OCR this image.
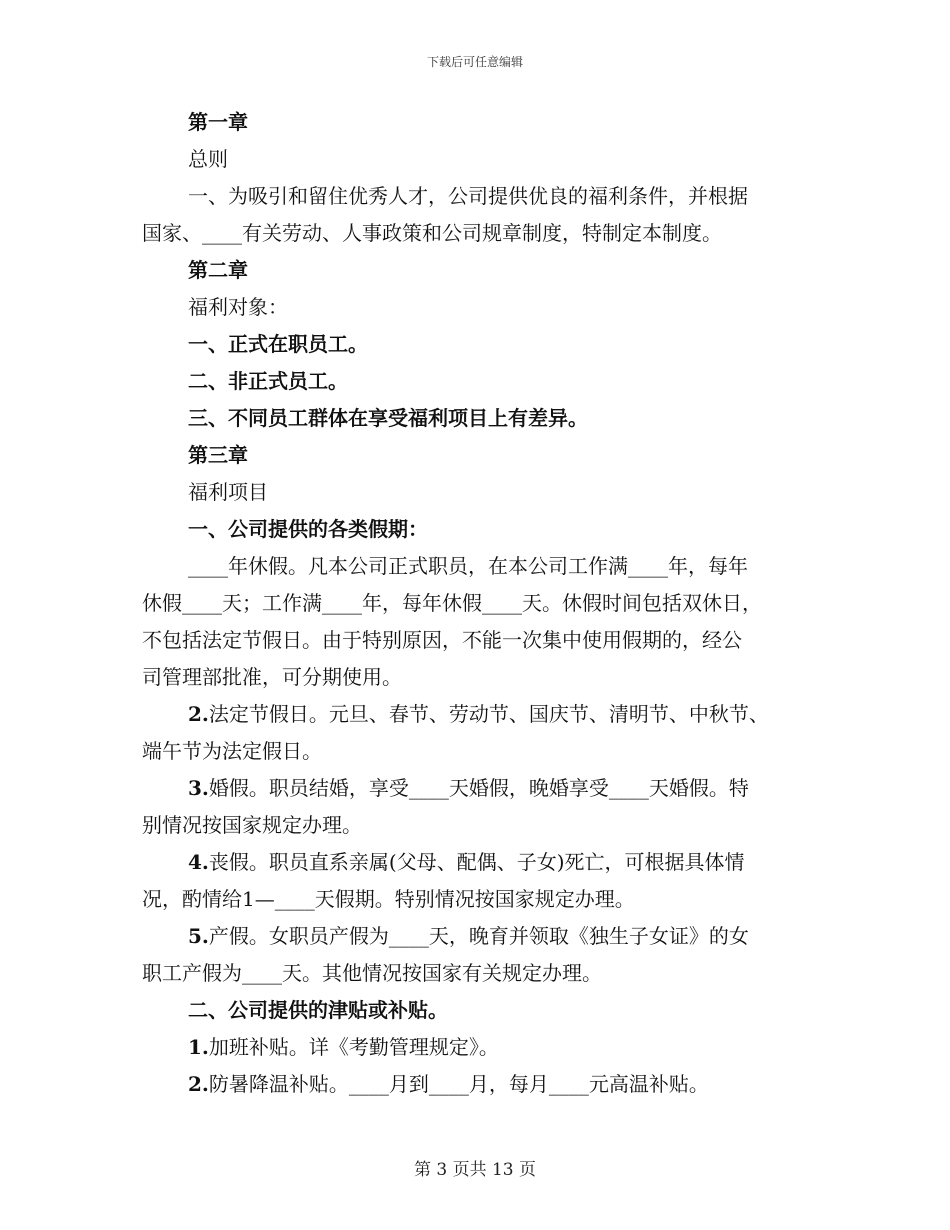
下载后可任意编辑
第一章
总则
一、为吸引和留住优秀人才，公司提供优良的福利条件，并根据
国家、____有关劳动、人事政策和公司规章制度，特制定本制度。
第二章
福利对象：
一、正式在职员工。
二、非正式员工。
三、不同员工群体在享受福利项目上有差异。
第三章
福利项目
一、公司提供的各类假期：
____年休假。凡本公司正式职员，在本公司工作满____年，每年
休假____天；工作满____年，每年休假____天。休假时间包括双休日，
不包括法定节假日。由于特别原因，不能一次集中使用假期的，经公
司管理部批准，可分期使用。
2.法定节假日。元旦、春节、劳动节、国庆节、清明节、中秋节、
端午节为法定假日。
3.婚假。职员结婚，享受____天婚假，晚婚享受____天婚假。特
别情况按国家规定办理。
4.丧假。职员直系亲属(父母、配偶、子女)死亡，可根据具体情
况，酌情给1—____天假期。特别情况按国家规定办理。
5.产假。女职员产假为____天，晚育并领取《独生子女证》的女
职工产假为____天。其他情况按国家有关规定办理。
二、公司提供的津贴或补贴。
1.加班补贴。详《考勤管理规定》。
2.防暑降温补贴。____月到____月，每月____元高温补贴。
第 3 页共 13 页
